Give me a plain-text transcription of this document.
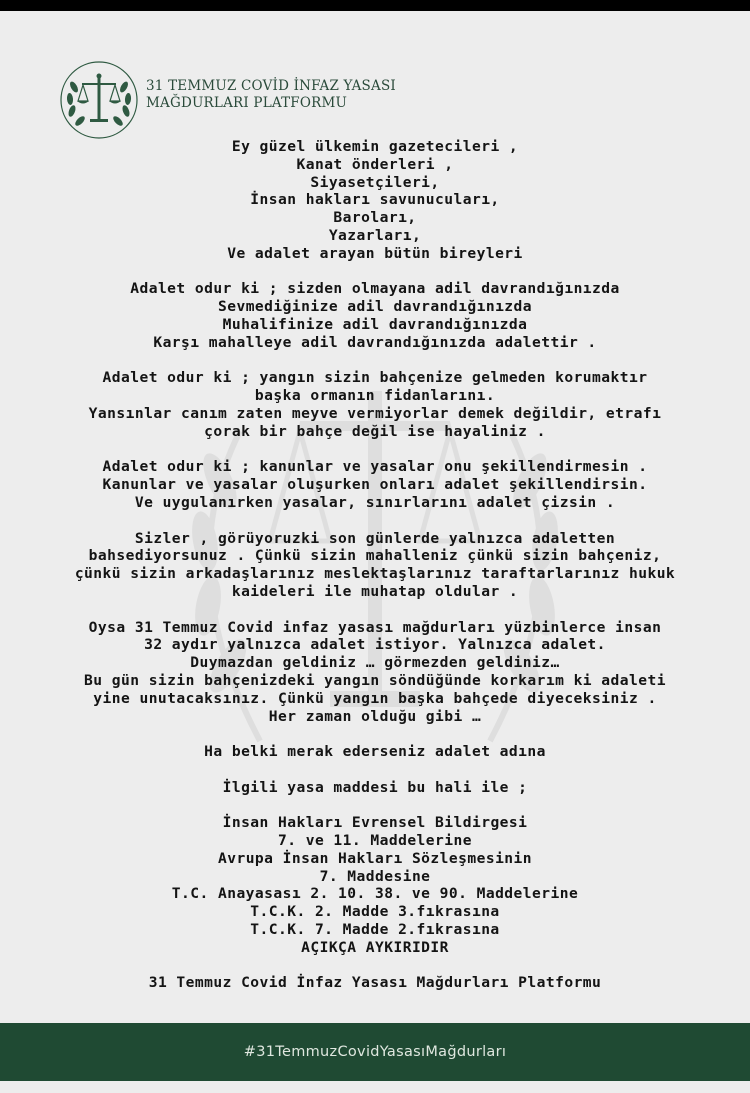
31 TEMMUZ COVİD İNFAZ YASASI
MAĞDURLARI PLATFORMU
Ey güzel ülkemin gazetecileri ,
Kanat önderleri ,
Siyasetçileri,
İnsan hakları savunucuları,
Baroları,
Yazarları,
Ve adalet arayan bütün bireyleri
Adalet odur ki ; sizden olmayana adil davrandığınızda
Sevmediğinize adil davrandığınızda
Muhalifinize adil davrandığınızda
Karşı mahalleye adil davrandığınızda adalettir .
Adalet odur ki ; yangın sizin bahçenize gelmeden korumaktır
başka ormanın fidanlarını.
Yansınlar canım zaten meyve vermiyorlar demek değildir, etrafı
çorak bir bahçe değil ise hayaliniz .
Adalet odur ki ; kanunlar ve yasalar onu şekillendirmesin .
Kanunlar ve yasalar oluşurken onları adalet şekillendirsin.
Ve uygulanırken yasalar, sınırlarını adalet çizsin .
Sizler , görüyoruzki son günlerde yalnızca adaletten
bahsediyorsunuz . Çünkü sizin mahalleniz çünkü sizin bahçeniz,
çünkü sizin arkadaşlarınız meslektaşlarınız taraftarlarınız hukuk
kaideleri ile muhatap oldular .
Oysa 31 Temmuz Covid infaz yasası mağdurları yüzbinlerce insan
32 aydır yalnızca adalet istiyor. Yalnızca adalet.
Duymazdan geldiniz … görmezden geldiniz…
Bu gün sizin bahçenizdeki yangın söndüğünde korkarım ki adaleti
yine unutacaksınız. Çünkü yangın başka bahçede diyeceksiniz .
Her zaman olduğu gibi …
Ha belki merak ederseniz adalet adına
İlgili yasa maddesi bu hali ile ;
İnsan Hakları Evrensel Bildirgesi
7. ve 11. Maddelerine
Avrupa İnsan Hakları Sözleşmesinin
7. Maddesine
T.C. Anayasası 2. 10. 38. ve 90. Maddelerine
T.C.K. 2. Madde 3.fıkrasına
T.C.K. 7. Madde 2.fıkrasına
AÇIKÇA AYKIRIDIR
31 Temmuz Covid İnfaz Yasası Mağdurları Platformu
#31TemmuzCovidYasasıMağdurları
